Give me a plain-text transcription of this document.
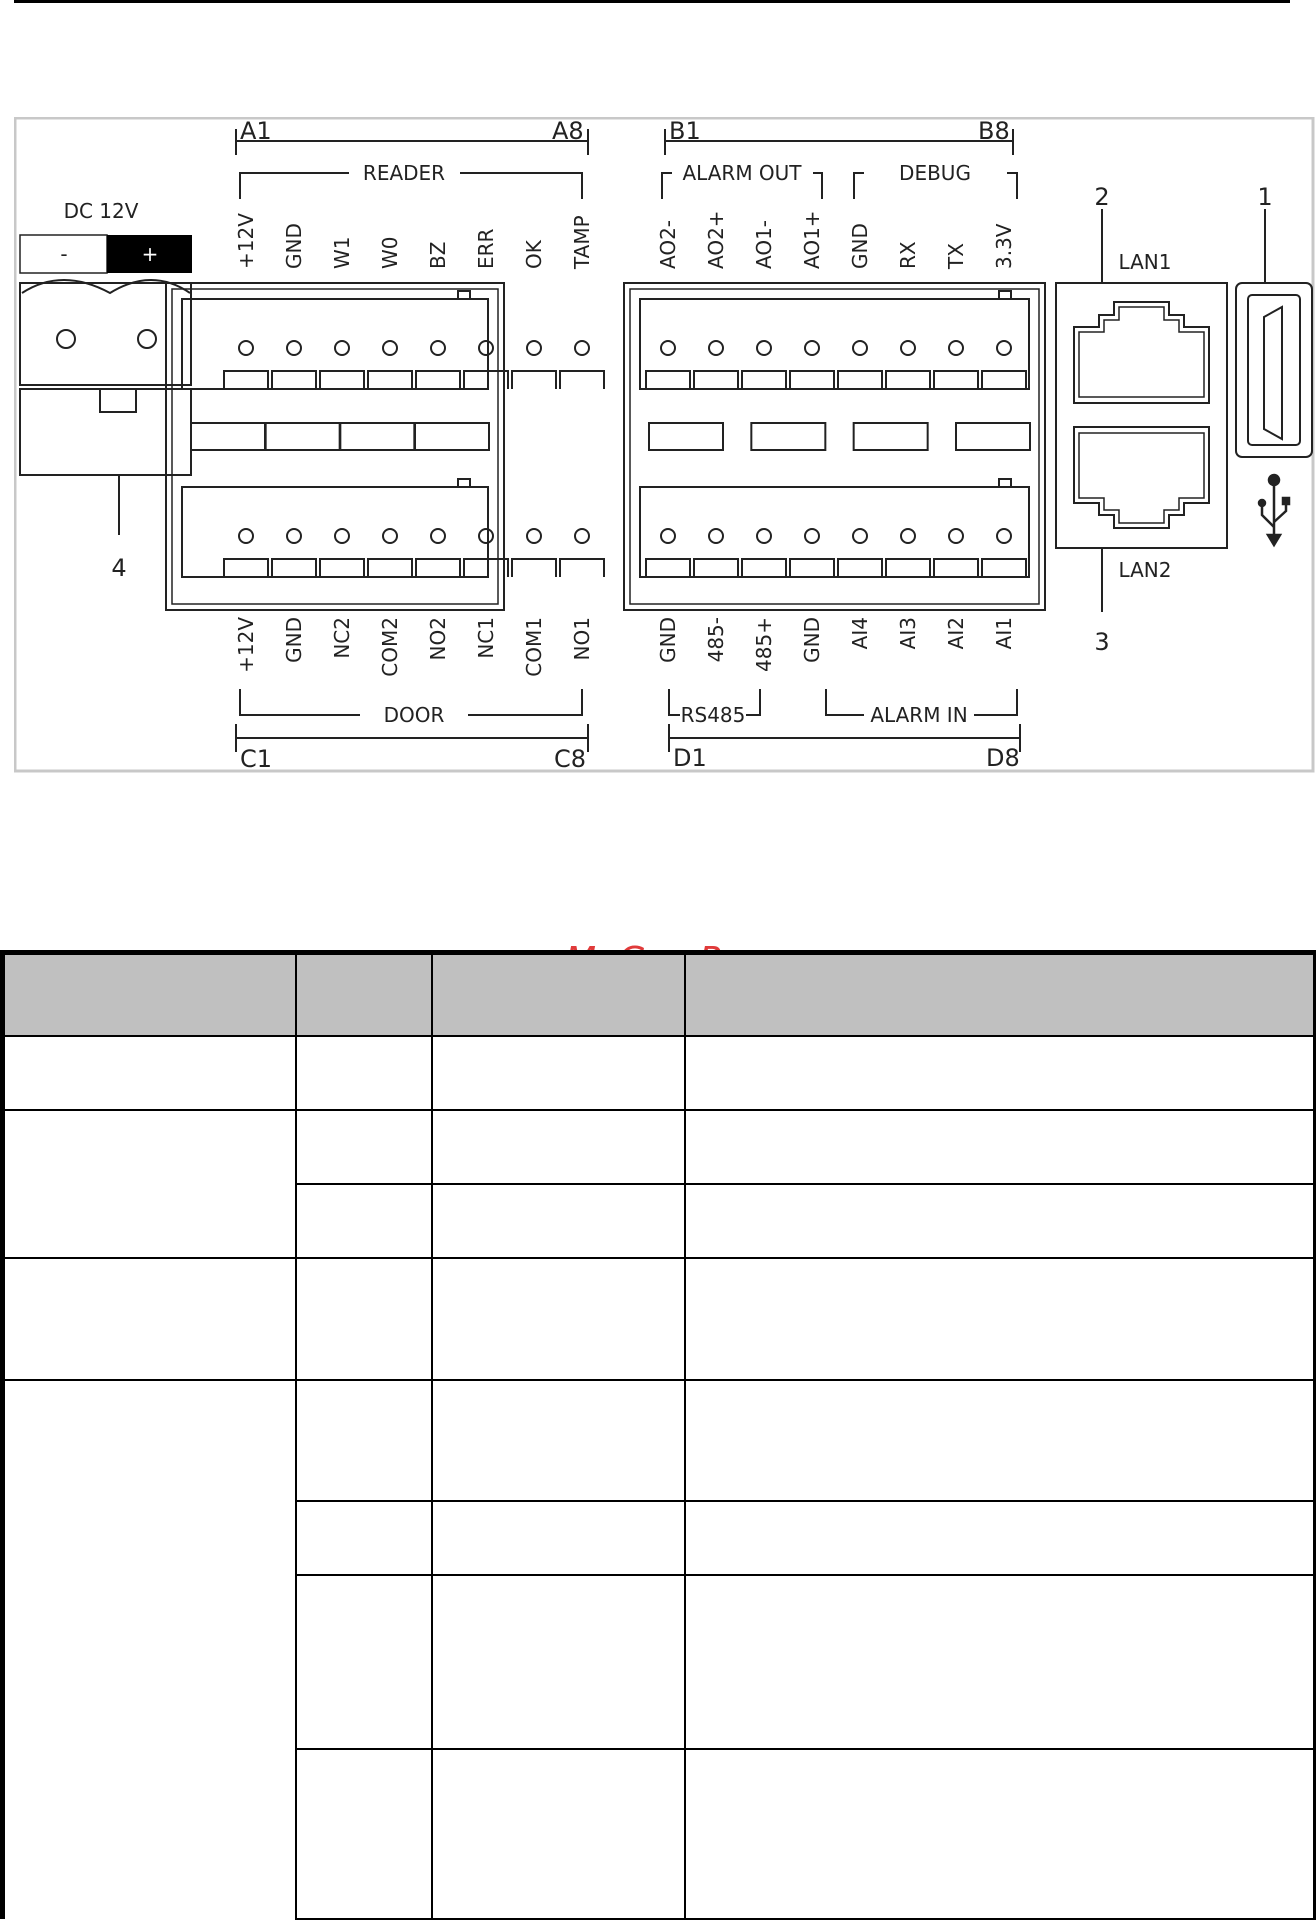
DC 12V
-	+
4
A1	A8	B1	B8
C1	C8	D1	D8
READER	ALARM OUT	DEBUG
DOOR	RS485	ALARM IN
+12V GND W1 W0 BZ ERR OK TAMP	AO2- AO2+ AO1- AO1+ GND RX TX 3.3V
+12V GND NC2 COM2 NO2 NC1 COM1 NO1	GND 485- 485+ GND AI4 AI3 AI2 AI1
LAN1
LAN2
2
3
1
